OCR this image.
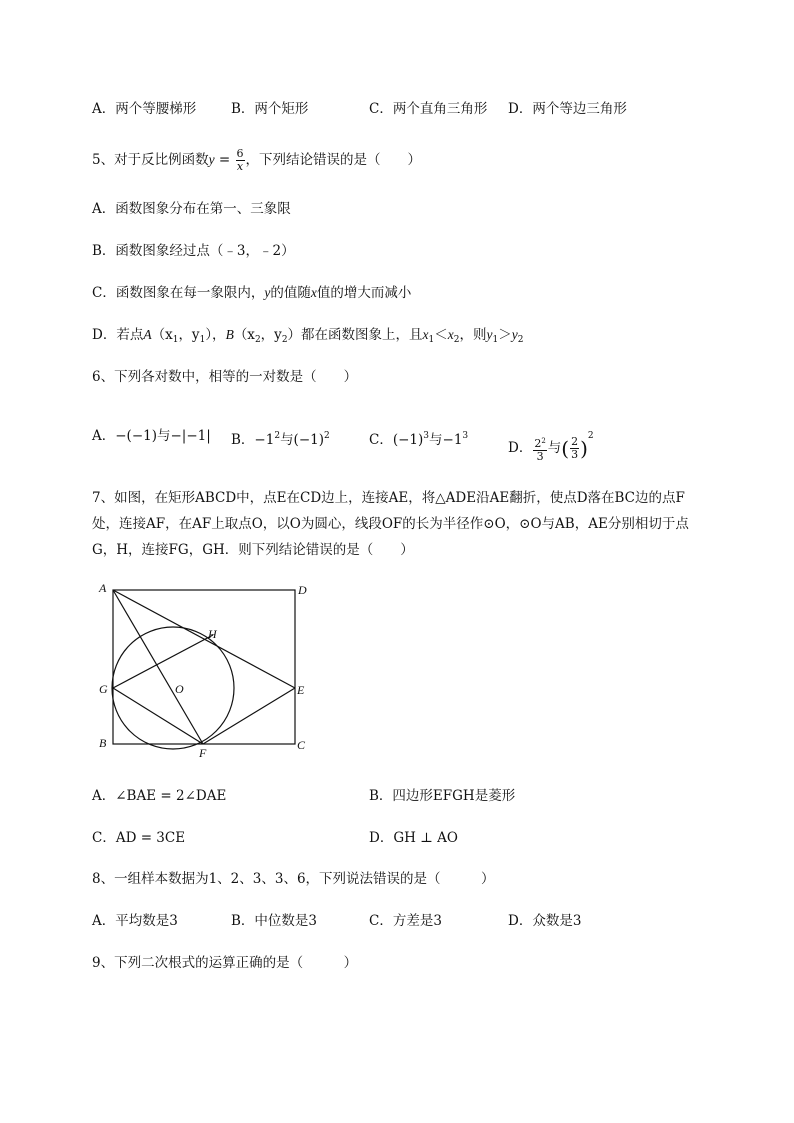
A．两个等腰梯形	B．两个矩形	C．两个直角三角形 D．两个等边三角形
5、对于反比例函数$y = \frac{6}{x}$ ，下列结论错误的是（　　）
A．函数图象分布在第一、三象限
B．函数图象经过点（﹣3，﹣2）
C．函数图象在每一象限内，y的值随x值的增大而减小
D．若点$A(x_1$，$y_1$），$B(x_2$，$y_2$）都在函数图象上，且$x_1<x_2$，则$y_1>y_2$
6、下列各对数中，相等的一对数是（　　）
A．−(−1)与−|−1| B．$-1^2$与$(-1)^2$	C．$(-1)^3$与$-1^3$
D． $\frac{2^2}{3}$ 与( $\frac{2}{3} )^2$
7、如图，在矩形ABCD中，点E在CD边上，连接AE，将△ADE沿AE翻折，使点D落在BC边的点F
处，连接AF，在AF上取点O，以O为圆心，线段OF的长为半径作⊙O，⊙O与AB，AE分别相切于点
G，H，连接FG，GH．则下列结论错误的是（　　）
A	D
H
G	O	E
B
F
C
A．∠BAE = 2∠DAE	B．四边形EFGH是菱形
C．AD = 3CE	D．GH ⊥ AO
8、一组样本数据为1、2、3、3、6，下列说法错误的是（　　　）
A．平均数是3	B．中位数是3	C．方差是3	D．众数是3
9、下列二次根式的运算正确的是（　　　）
